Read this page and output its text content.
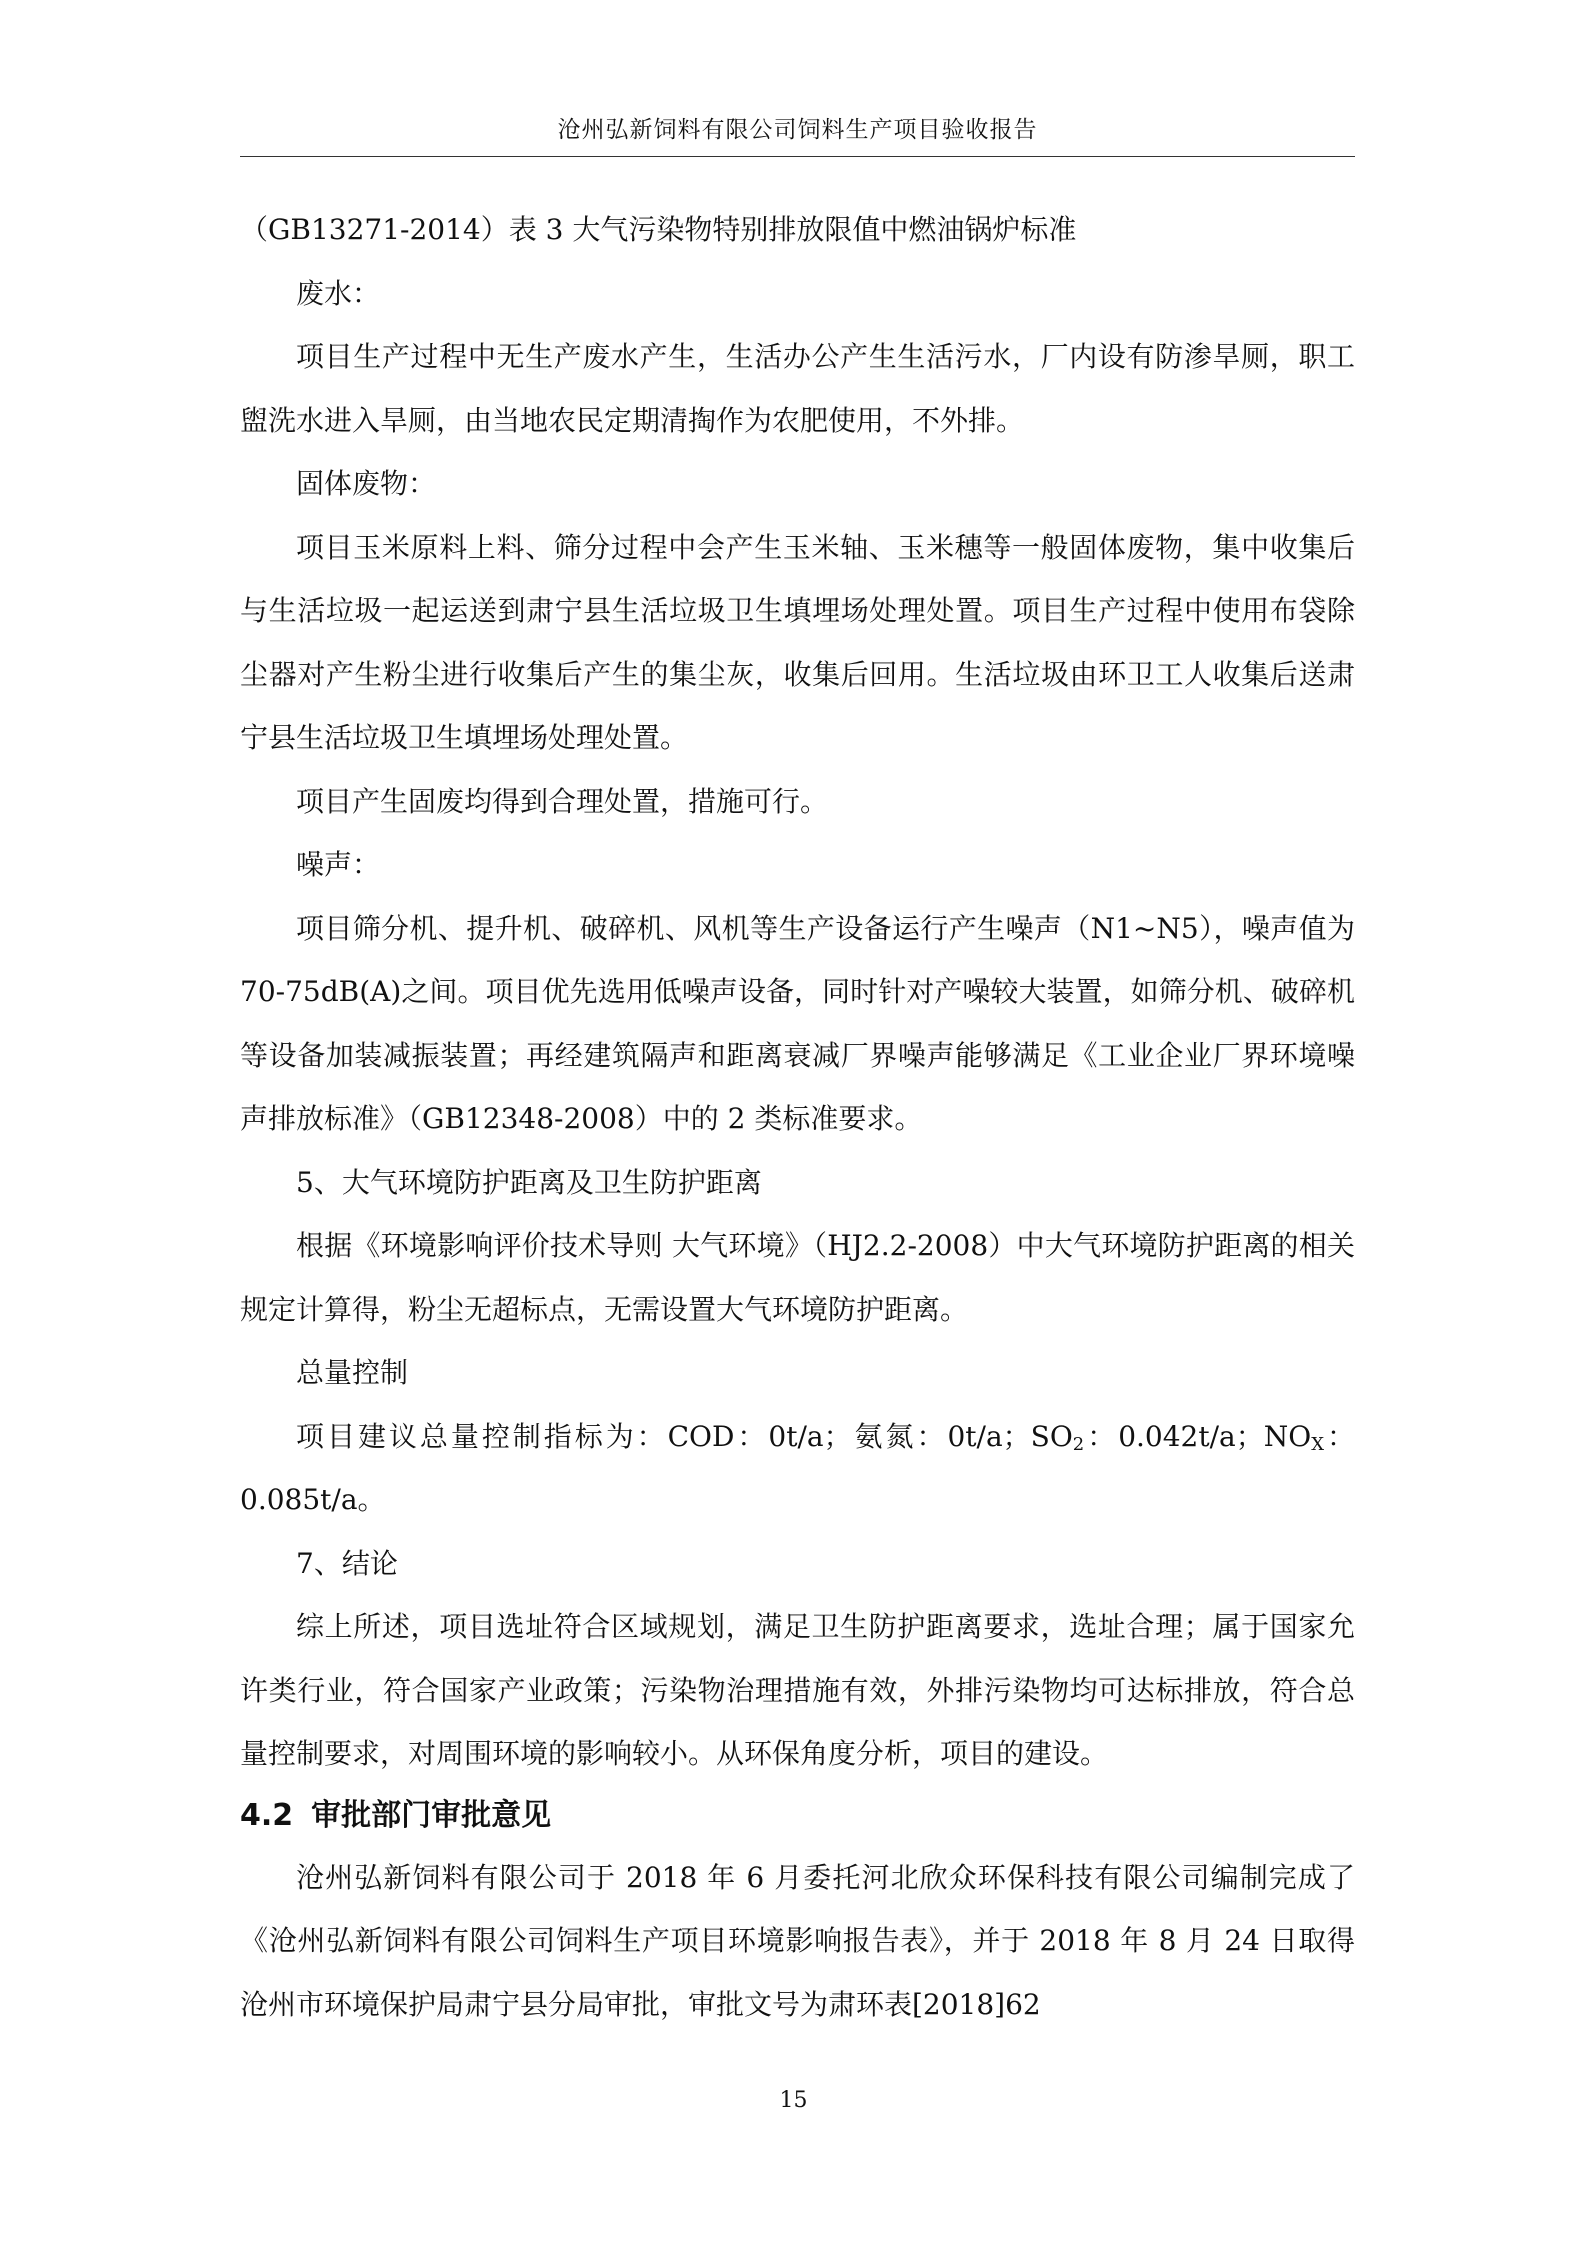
沧州弘新饲料有限公司饲料生产项目验收报告

（GB13271-2014）表 3 大气污染物特别排放限值中燃油锅炉标准

废水：

项目生产过程中无生产废水产生，生活办公产生生活污水，厂内设有防渗旱厕，职工盥洗水进入旱厕，由当地农民定期清掏作为农肥使用，不外排。

固体废物：

项目玉米原料上料、筛分过程中会产生玉米轴、玉米穗等一般固体废物，集中收集后与生活垃圾一起运送到肃宁县生活垃圾卫生填埋场处理处置。项目生产过程中使用布袋除尘器对产生粉尘进行收集后产生的集尘灰，收集后回用。生活垃圾由环卫工人收集后送肃宁县生活垃圾卫生填埋场处理处置。

项目产生固废均得到合理处置，措施可行。

噪声：

项目筛分机、提升机、破碎机、风机等生产设备运行产生噪声（N1~N5），噪声值为 70-75dB(A)之间。项目优先选用低噪声设备，同时针对产噪较大装置，如筛分机、破碎机等设备加装减振装置；再经建筑隔声和距离衰减厂界噪声能够满足《工业企业厂界环境噪声排放标准》（GB12348-2008）中的 2 类标准要求。

5、大气环境防护距离及卫生防护距离

根据《环境影响评价技术导则 大气环境》（HJ2.2-2008）中大气环境防护距离的相关规定计算得，粉尘无超标点，无需设置大气环境防护距离。

总量控制

项目建议总量控制指标为：COD：0t/a；氨氮：0t/a；$SO_2$：0.042t/a；$NO_X$：0.085t/a。

7、结论

综上所述，项目选址符合区域规划，满足卫生防护距离要求，选址合理；属于国家允许类行业，符合国家产业政策；污染物治理措施有效，外排污染物均可达标排放，符合总量控制要求，对周围环境的影响较小。从环保角度分析，项目的建设。

4.2 审批部门审批意见

沧州弘新饲料有限公司于 2018 年 6 月委托河北欣众环保科技有限公司编制完成了《沧州弘新饲料有限公司饲料生产项目环境影响报告表》，并于 2018 年 8 月 24 日取得沧州市环境保护局肃宁县分局审批，审批文号为肃环表[2018]62

15
